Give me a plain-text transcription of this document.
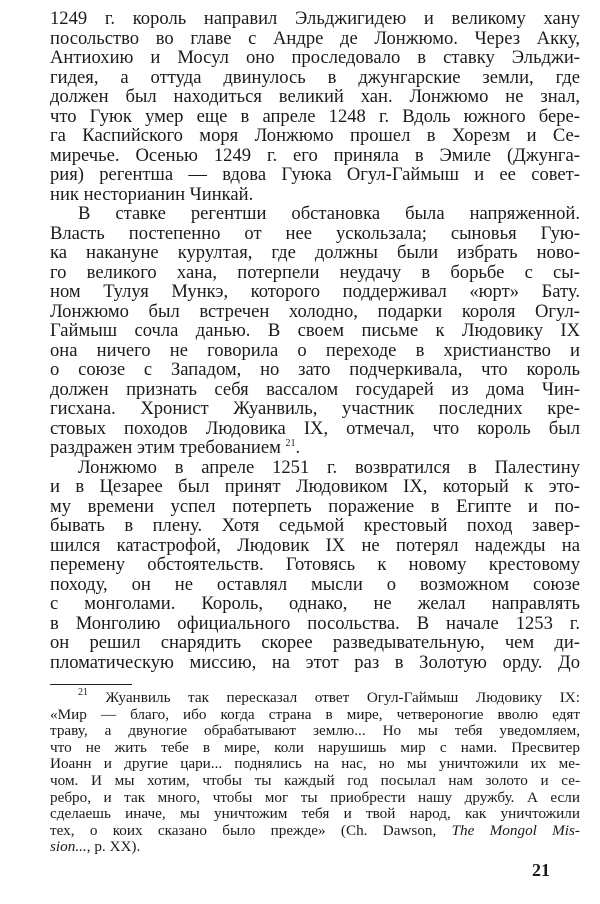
1249 г. король направил Эльджигидею и великому хану
посольство во главе с Андре де Лонжюмо. Через Акку,
Антиохию и Мосул оно проследовало в ставку Эльджи-
гидея, а оттуда двинулось в джунгарские земли, где
должен был находиться великий хан. Лонжюмо не знал,
что Гуюк умер еще в апреле 1248 г. Вдоль южного бере-
га Каспийского моря Лонжюмо прошел в Хорезм и Се-
миречье. Осенью 1249 г. его приняла в Эмиле (Джунга-
рия) регентша — вдова Гуюка Огул-Гаймыш и ее совет-
ник несторианин Чинкай.
В ставке регентши обстановка была напряженной.
Власть постепенно от нее ускользала; сыновья Гую-
ка накануне курултая, где должны были избрать ново-
го великого хана, потерпели неудачу в борьбе с сы-
ном Тулуя Мункэ, которого поддерживал «юрт» Бату.
Лонжюмо был встречен холодно, подарки короля Огул-
Гаймыш сочла данью. В своем письме к Людовику IX
она ничего не говорила о переходе в христианство и
о союзе с Западом, но зато подчеркивала, что король
должен признать себя вассалом государей из дома Чин-
гисхана. Хронист Жуанвиль, участник последних кре-
стовых походов Людовика IX, отмечал, что король был
раздражен этим требованием $^{21}$.
Лонжюмо в апреле 1251 г. возвратился в Палестину
и в Цезарее был принят Людовиком IX, который к это-
му времени успел потерпеть поражение в Египте и по-
бывать в плену. Хотя седьмой крестовый поход завер-
шился катастрофой, Людовик IX не потерял надежды на
перемену обстоятельств. Готовясь к новому крестовому
походу, он не оставлял мысли о возможном союзе
с монголами. Король, однако, не желал направлять
в Монголию официального посольства. В начале 1253 г.
он решил снарядить скорее разведывательную, чем ди-
пломатическую миссию, на этот раз в Золотую орду. До
$^{21}$ Жуанвиль так пересказал ответ Огул-Гаймыш Людовику IX:
«Мир — благо, ибо когда страна в мире, четвероногие вволю едят
траву, а двуногие обрабатывают землю... Но мы тебя уведомляем,
что не жить тебе в мире, коли нарушишь мир с нами. Пресвитер
Иоанн и другие цари... поднялись на нас, но мы уничтожили их ме-
чом. И мы хотим, чтобы ты каждый год посылал нам золото и се-
ребро, и так много, чтобы мог ты приобрести нашу дружбу. А если
сделаешь иначе, мы уничтожим тебя и твой народ, как уничтожили
тех, о коих сказано было прежде» (Ch. Dawson, The Mongol Mis-
sion..., p. XX).
21
